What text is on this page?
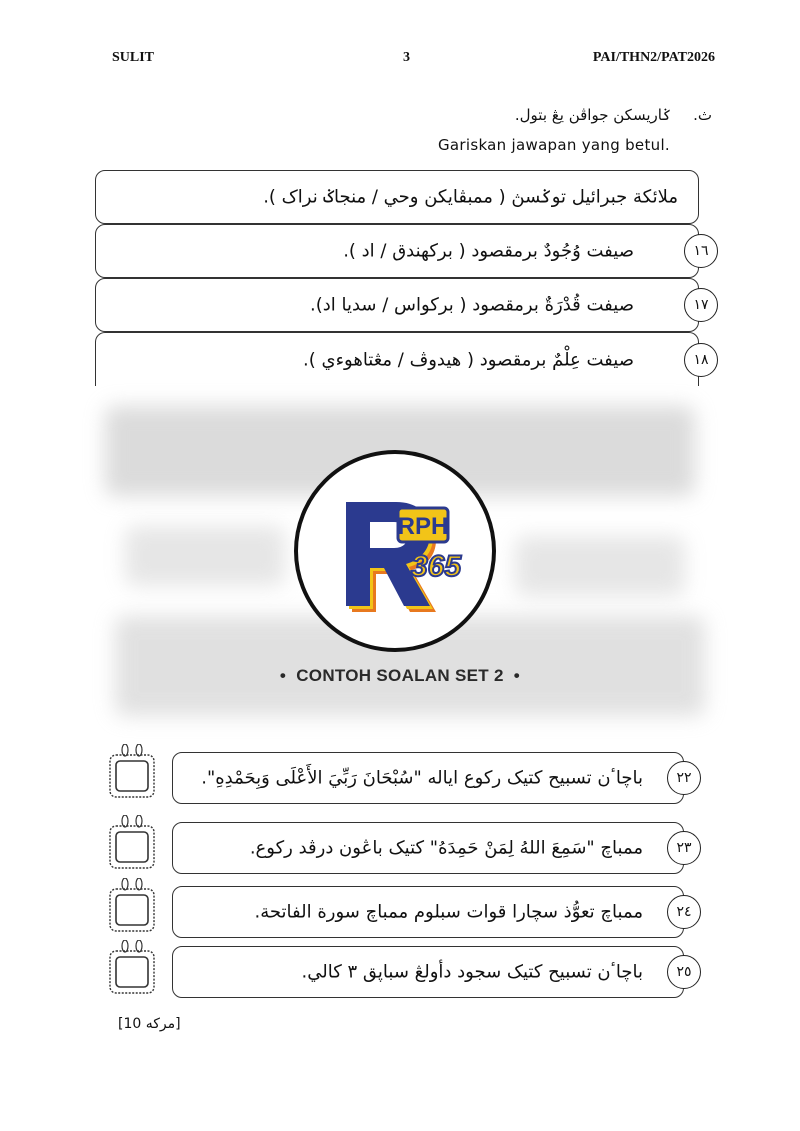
SULIT	3	PAI/THN2/PAT2026
ث.ݢاريسکن جواڤن يڠ بتول.
Gariskan jawapan yang betul.
ملائکة جبرائيل توݢسڽ ( ممبڤايکن وحي / منجاݢ نراک ).
صيفت وُجُودٌ برمقصود ( برکهندق / اد ).	١٦
صيفت قُدْرَةٌ برمقصود ( برکواس / سديا اد).	١٧
صيفت عِلْمٌ برمقصود ( هيدوڤ / مڠتاهوءي ).	١٨
RPH
365
•  CONTOH SOALAN SET 2  •
باچاٴن تسبيح کتيک رکوع اياله "سُبْحَانَ رَبِّيَ الأَعْلَى وَبِحَمْدِهِ".	٢٢
ممباچ "سَمِعَ اللهُ لِمَنْ حَمِدَهُ" کتيک باڠون درڤد رکوع.	٢٣
ممباچ تعوُّذ سچارا قوات سبلوم ممباچ سورة الفاتحة.	٢٤
باچاٴن تسبيح کتيک سجود دأولڠ سباڽق ٣ کالي.	٢٥
[10 مرکه]
